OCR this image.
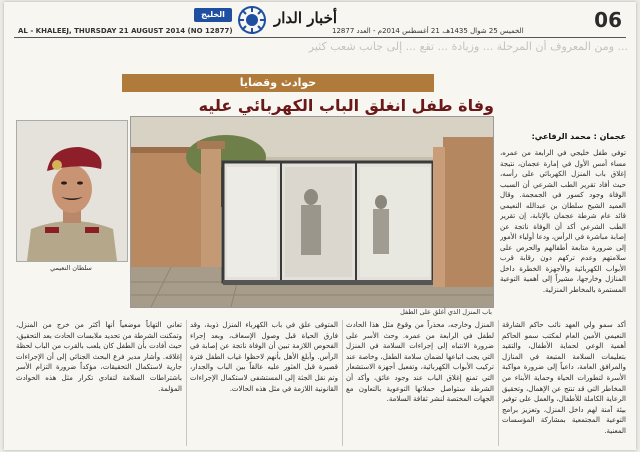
06
أخبار الدار
الخليج
AL - KHALEEJ, THURSDAY 21 AUGUST 2014 (NO 12877)	الخميس 25 شوال 1435هـ، 21 أغسطس 2014م - العدد 12877
... ومن المعروف أن المرحلة ... وزيادة ... تقع ... إلى جانب شعب كثير
حوادث وقضايا
وفاة طفل انغلق الباب الكهربائي عليه
عجمان : محمد الرفاعي:
توفي طفل خليجي في الرابعة من عمره، مساء أمس الأول في إمارة عجمان، نتيجة إغلاق باب المنزل الكهربائي على رأسه، حيث أفاد تقرير الطب الشرعي أن السبب الوفاة وجود كسور في الجمجمة. وقال العميد الشيخ سلطان بن عبدالله النعيمي قائد عام شرطة عجمان بالإنابة، إن تقرير الطب الشرعي أكد أن الوفاة ناتجة عن إصابة مباشرة في الرأس، ودعا أولياء الأمور إلى ضرورة متابعة أطفالهم والحرص على سلامتهم وعدم تركهم دون رقابة قرب الأبواب الكهربائية والأجهزة الخطرة داخل المنازل وخارجها، مشيراً إلى أهمية التوعية المستمرة بالمخاطر المنزلية.
باب المنزل الذي أغلق على الطفل
سلطان النعيمي
أكد سمو ولي العهد نائب حاكم الشارقة النعيمي الأمين العام لمكتب سمو الحاكم أهمية الوعي لحماية الأطفال، والتقيد بتعليمات السلامة المتبعة في المنازل والمرافق العامة، داعياً إلى ضرورة مواكبة الأسرة لتطورات الحياة وحماية الأبناء من المخاطر التي قد تنتج عن الإهمال، وتحقيق الرعاية الكاملة للأطفال، والعمل على توفير بيئة آمنة لهم داخل المنزل، وتعزيز برامج التوعية المجتمعية بمشاركة المؤسسات المعنية.
المنزل وخارجه، محذراً من وقوع مثل هذا الحادث لطفل في الرابعة من عمره. وحث الأسر على ضرورة الانتباه إلى إجراءات السلامة في المنزل التي يجب اتباعها لضمان سلامة الطفل، وخاصة عند تركيب الأبواب الكهربائية، وتفعيل أجهزة الاستشعار التي تمنع إغلاق الباب عند وجود عائق، وأكد أن الشرطة ستواصل حملاتها التوعوية بالتعاون مع الجهات المختصة لنشر ثقافة السلامة.
المتوفى علق في باب الكهرباء المنزل ذوبة، وقد فارق الحياة قبل وصول الإسعاف، وبعد إجراء الفحوص اللازمة تبين أن الوفاة ناتجة عن إصابة في الرأس. وأبلغ الأهل بأنهم لاحظوا غياب الطفل فترة قصيرة قبل العثور عليه عالقاً بين الباب والجدار، وتم نقل الجثة إلى المستشفى لاستكمال الإجراءات القانونية اللازمة في مثل هذه الحالات.
تعاني التهاباً موضعياً أنها أكثر من خرج من المنزل، وتمكنت الشرطة من تحديد ملابسات الحادث بعد التحقيق، حيث أفادت بأن الطفل كان يلعب بالقرب من الباب لحظة إغلاقه. وأشار مدير فرع البحث الجنائي إلى أن الإجراءات جارية لاستكمال التحقيقات، مؤكداً ضرورة التزام الأسر باشتراطات السلامة لتفادي تكرار مثل هذه الحوادث المؤلمة.
